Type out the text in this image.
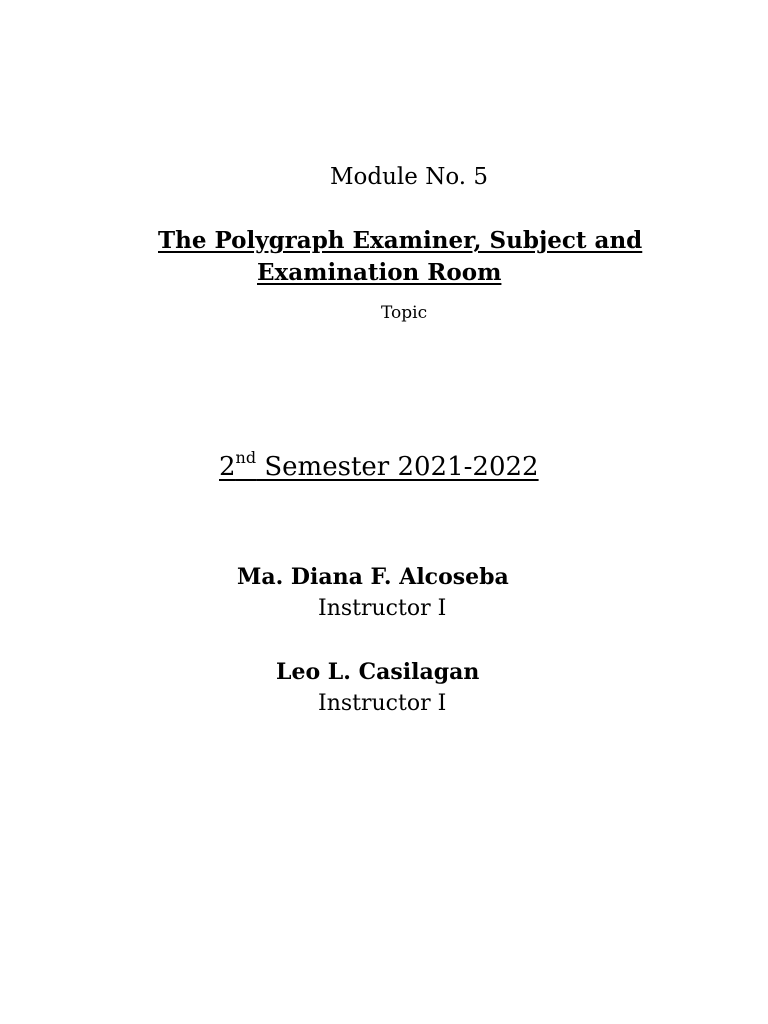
Module No. 5
The Polygraph Examiner, Subject and
Examination Room
Topic
2nd Semester 2021-2022
Ma. Diana F. Alcoseba
Instructor I
Leo L. Casilagan
Instructor I
